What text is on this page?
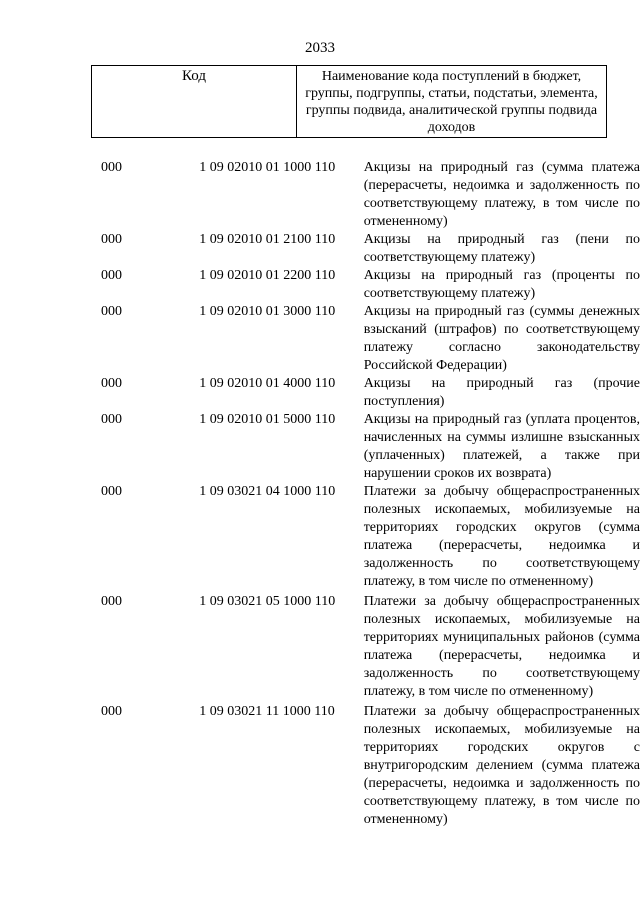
2033
Код	Наименование кода поступлений в бюджет, группы, подгруппы, статьи, подстатьи, элемента, группы подвида, аналитической группы подвида доходов
000	1 09 02010 01 1000 110	Акцизы на природный газ (сумма платежа (перерасчеты, недоимка и задолженность по соответствующему платежу, в том числе по отмененному)
000	1 09 02010 01 2100 110	Акцизы на природный газ (пени по соответствующему платежу)
000	1 09 02010 01 2200 110	Акцизы на природный газ (проценты по соответствующему платежу)
000	1 09 02010 01 3000 110	Акцизы на природный газ (суммы денежных взысканий (штрафов) по соответствующему платежу согласно законодательству Российской Федерации)
000	1 09 02010 01 4000 110	Акцизы на природный газ (прочие поступления)
000	1 09 02010 01 5000 110	Акцизы на природный газ (уплата процентов, начисленных на суммы излишне взысканных (уплаченных) платежей, а также при нарушении сроков их возврата)
000	1 09 03021 04 1000 110	Платежи за добычу общераспространенных полезных ископаемых, мобилизуемые на территориях городских округов (сумма платежа (перерасчеты, недоимка и задолженность по соответствующему платежу, в том числе по отмененному)
000	1 09 03021 05 1000 110	Платежи за добычу общераспространенных полезных ископаемых, мобилизуемые на территориях муниципальных районов (сумма платежа (перерасчеты, недоимка и задолженность по соответствующему платежу, в том числе по отмененному)
000	1 09 03021 11 1000 110	Платежи за добычу общераспространенных полезных ископаемых, мобилизуемые на территориях городских округов с внутригородским делением (сумма платежа (перерасчеты, недоимка и задолженность по соответствующему платежу, в том числе по отмененному)
